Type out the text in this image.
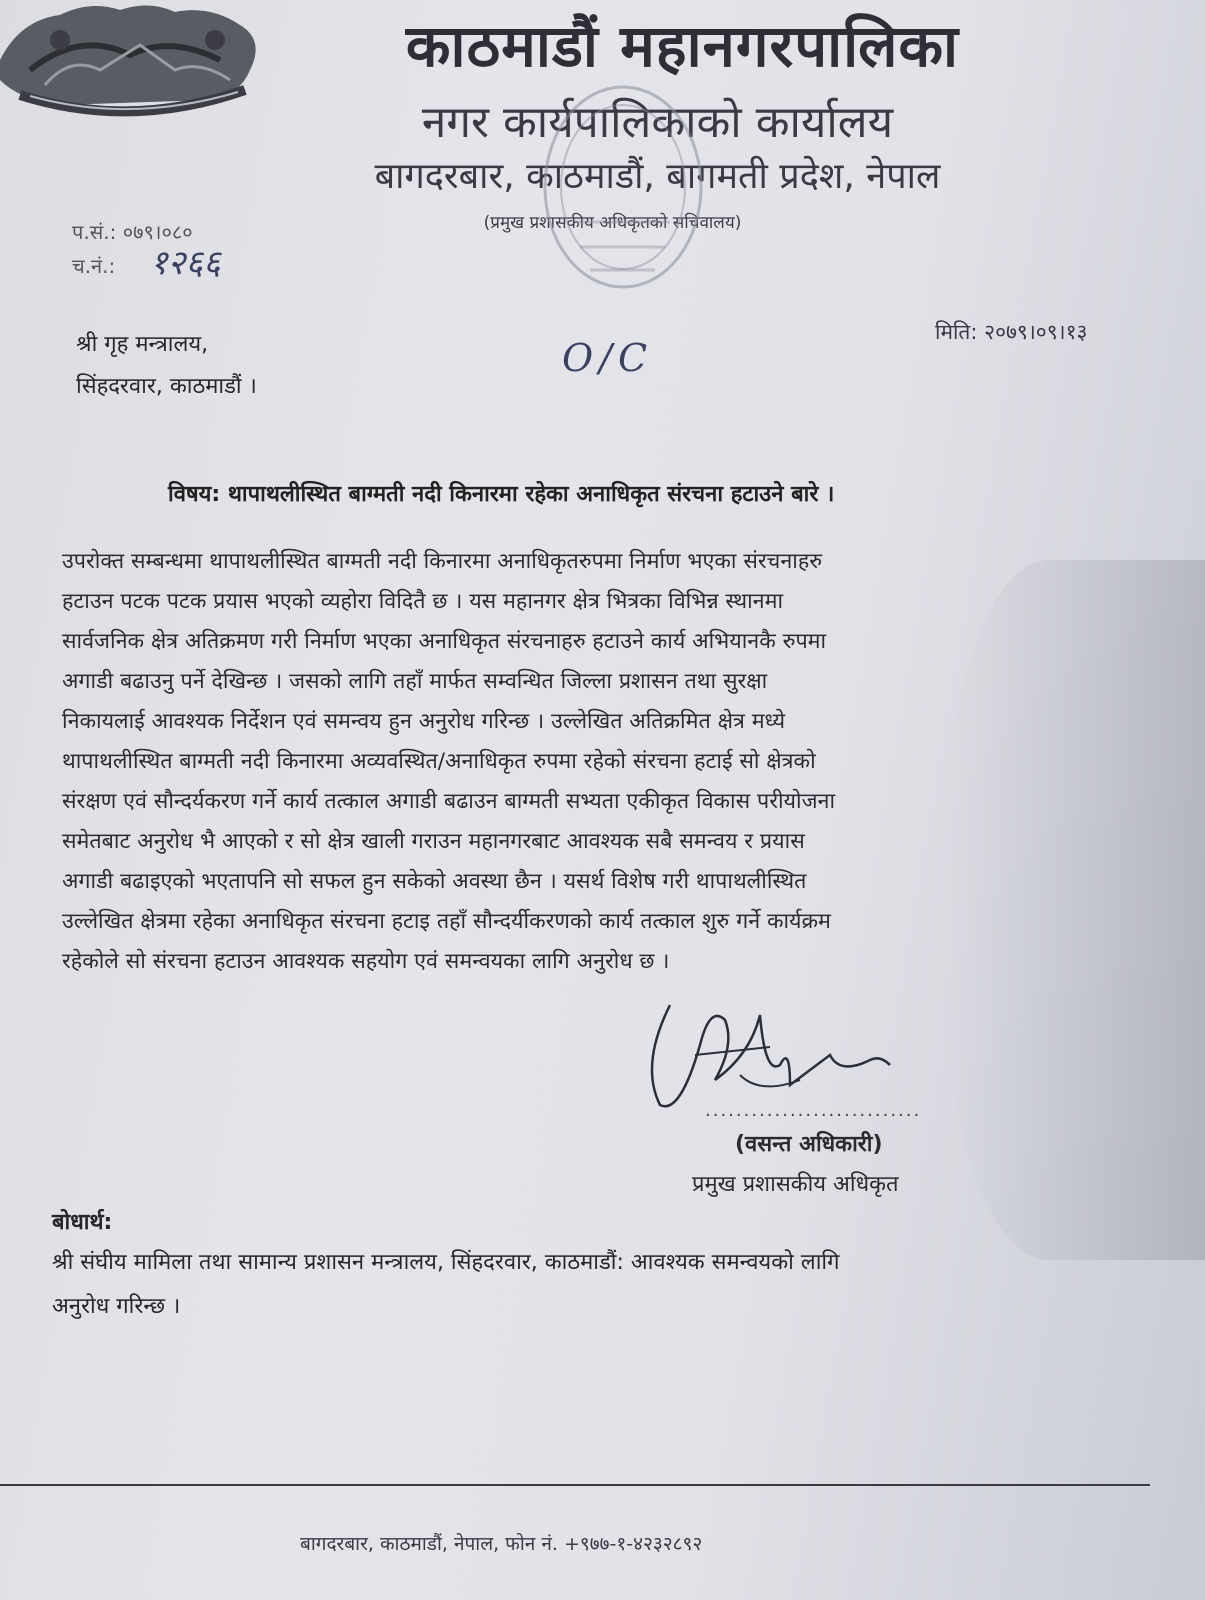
काठमाडौं महानगरपालिका
नगर कार्यपालिकाको कार्यालय
बागदरबार, काठमाडौं, बागमती प्रदेश, नेपाल
(प्रमुख प्रशासकीय अधिकृतको सचिवालय)
प.सं.: ०७९।०८०
च.नं.: १२६६
मिति: २०७९।०९।१३
श्री गृह मन्त्रालय,
सिंहदरवार, काठमाडौं ।
O/C
विषय: थापाथलीस्थित बाग्मती नदी किनारमा रहेका अनाधिकृत संरचना हटाउने बारे ।
उपरोक्त सम्बन्धमा थापाथलीस्थित बाग्मती नदी किनारमा अनाधिकृतरुपमा निर्माण भएका संरचनाहरु
हटाउन पटक पटक प्रयास भएको व्यहोरा विदितै छ । यस महानगर क्षेत्र भित्रका विभिन्न स्थानमा
सार्वजनिक क्षेत्र अतिक्रमण गरी निर्माण भएका अनाधिकृत संरचनाहरु हटाउने कार्य अभियानकै रुपमा
अगाडी बढाउनु पर्ने देखिन्छ । जसको लागि तहाँ मार्फत सम्वन्धित जिल्ला प्रशासन तथा सुरक्षा
निकायलाई आवश्यक निर्देशन एवं समन्वय हुन अनुरोध गरिन्छ । उल्लेखित अतिक्रमित क्षेत्र मध्ये
थापाथलीस्थित बाग्मती नदी किनारमा अव्यवस्थित/अनाधिकृत रुपमा रहेको संरचना हटाई सो क्षेत्रको
संरक्षण एवं सौन्दर्यकरण गर्ने कार्य तत्काल अगाडी बढाउन बाग्मती सभ्यता एकीकृत विकास परीयोजना
समेतबाट अनुरोध भै आएको र सो क्षेत्र खाली गराउन महानगरबाट आवश्यक सबै समन्वय र प्रयास
अगाडी बढाइएको भएतापनि सो सफल हुन सकेको अवस्था छैन । यसर्थ विशेष गरी थापाथलीस्थित
उल्लेखित क्षेत्रमा रहेका अनाधिकृत संरचना हटाइ तहाँ सौन्दर्यीकरणको कार्य तत्काल शुरु गर्ने कार्यक्रम
रहेकोले सो संरचना हटाउन आवश्यक सहयोग एवं समन्वयका लागि अनुरोध छ ।
............................
(वसन्त अधिकारी)
प्रमुख प्रशासकीय अधिकृत
बोधार्थ:
श्री संघीय मामिला तथा सामान्य प्रशासन मन्त्रालय, सिंहदरवार, काठमाडौं: आवश्यक समन्वयको लागि
अनुरोध गरिन्छ ।
बागदरबार, काठमाडौं, नेपाल, फोन नं. +९७७-१-४२३२८९२
